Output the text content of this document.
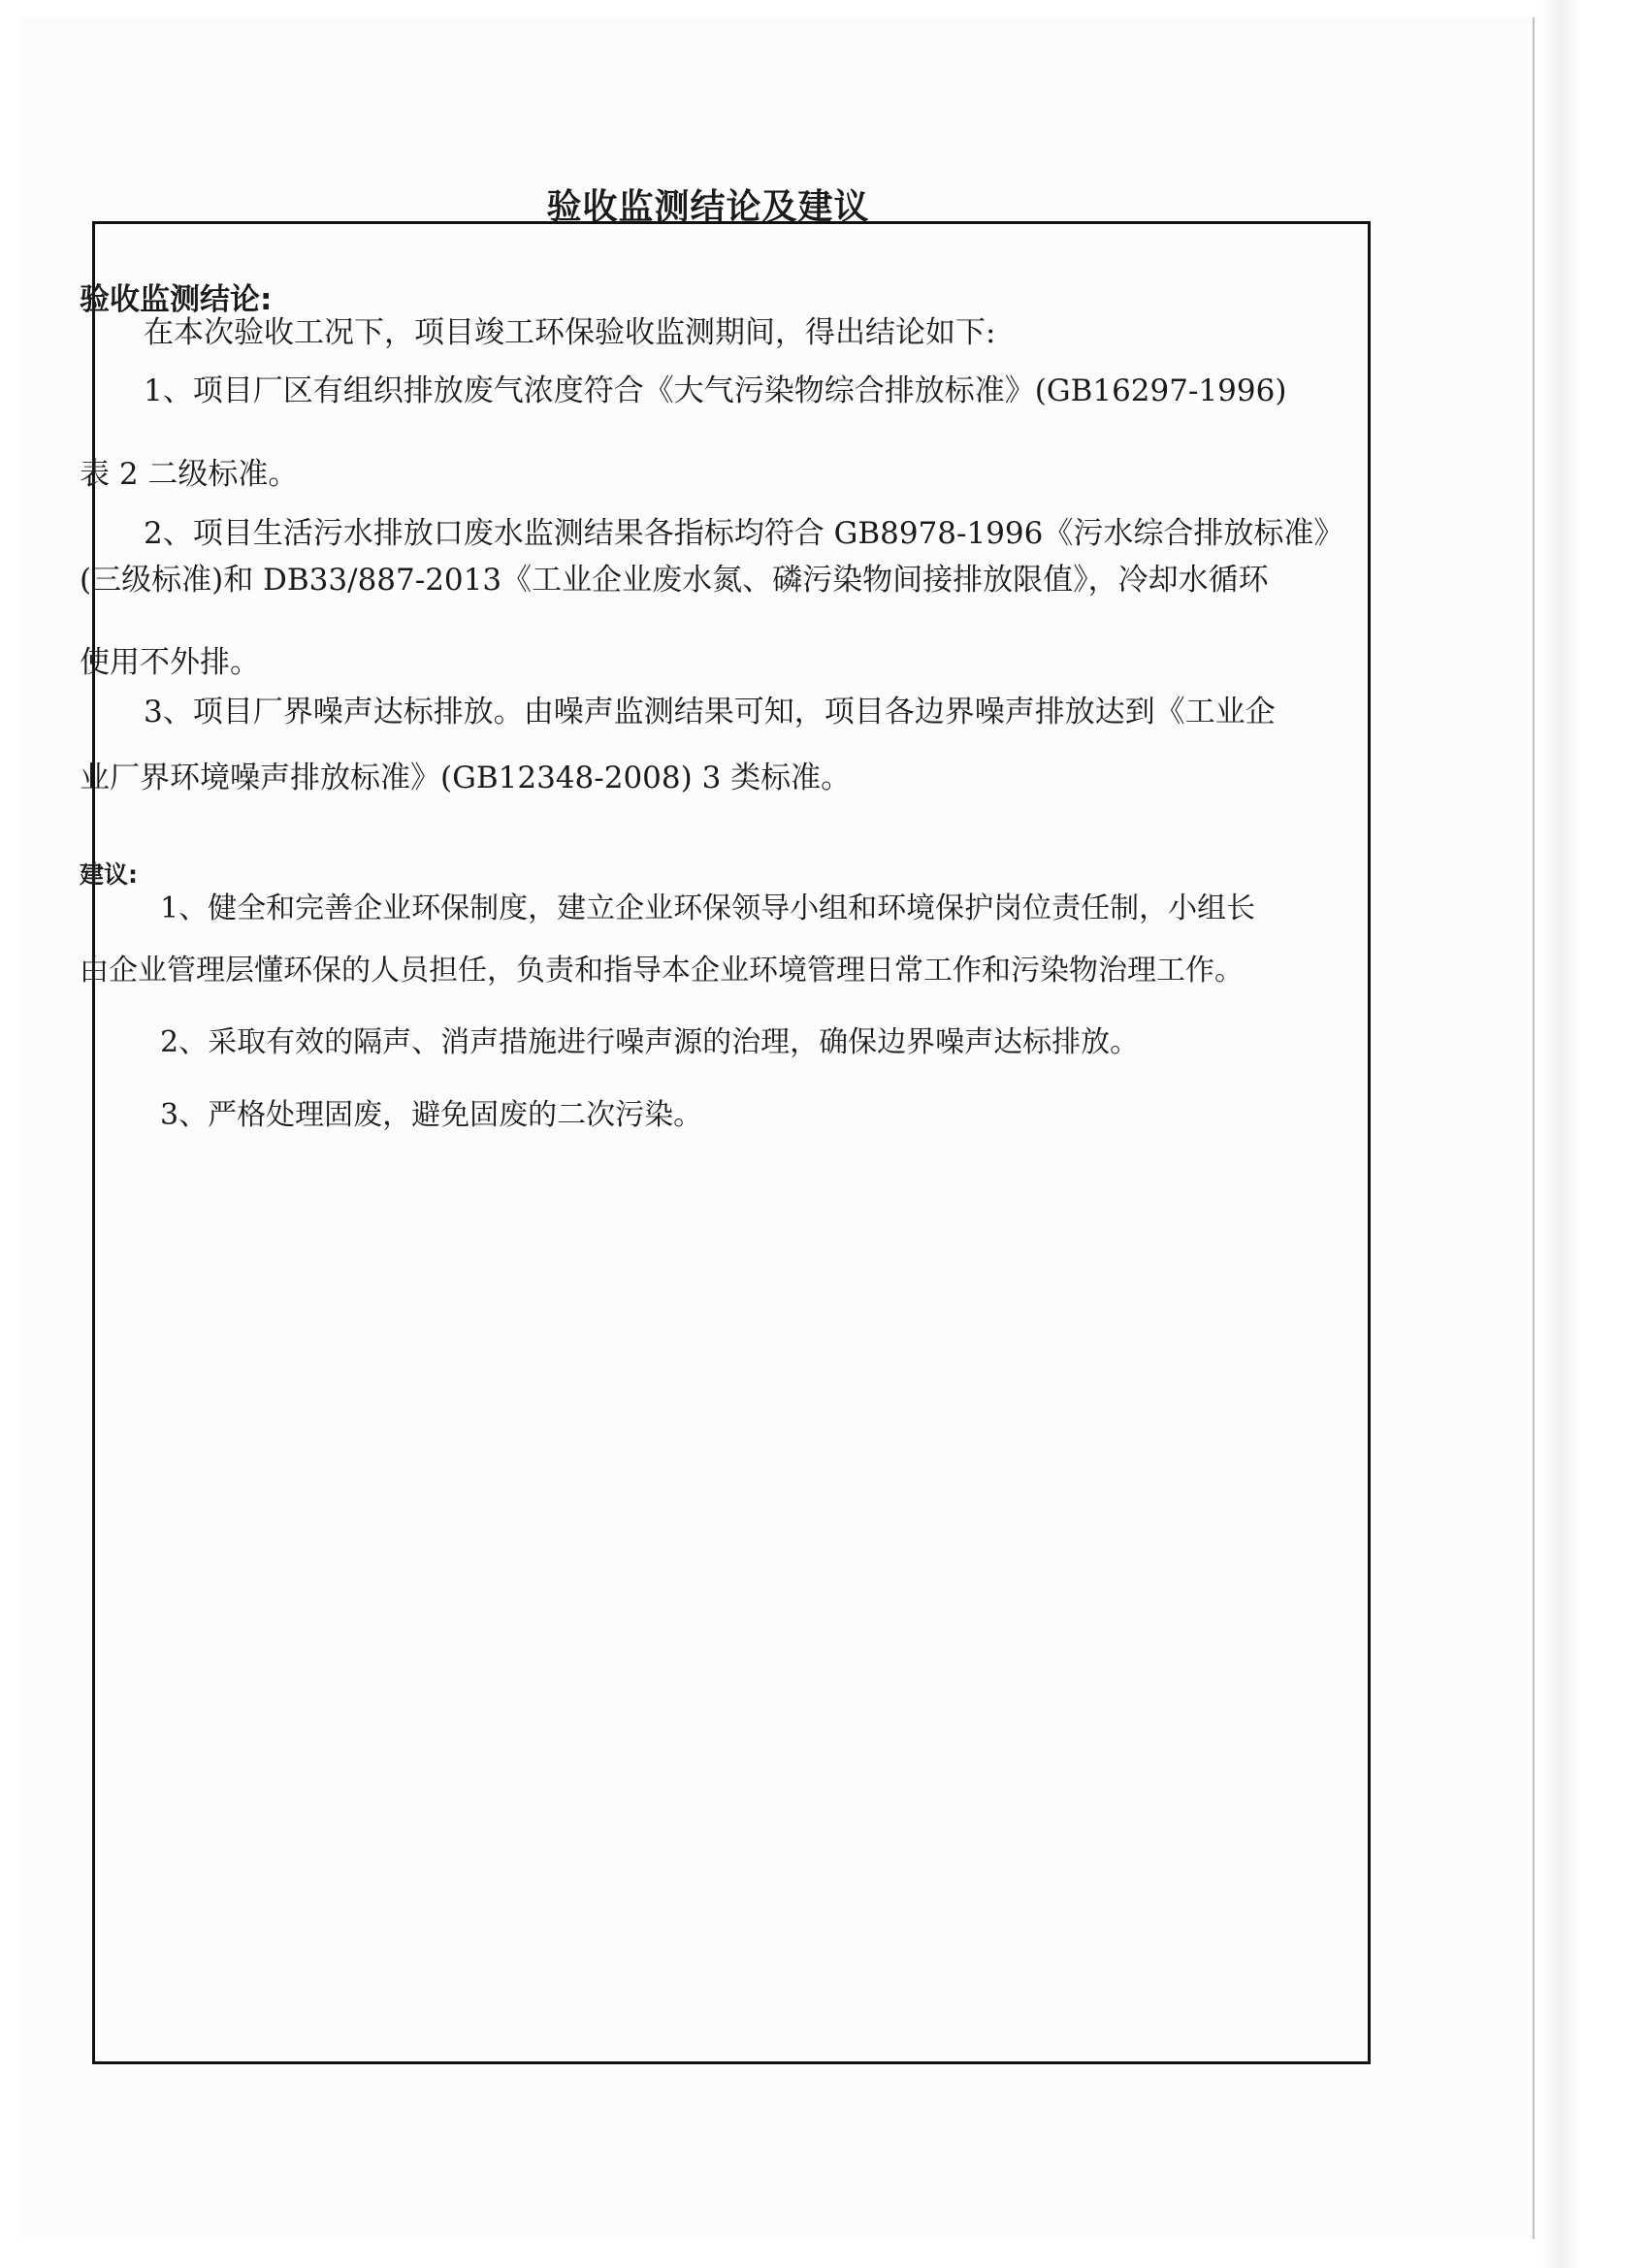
验收监测结论及建议
验收监测结论:

在本次验收工况下，项目竣工环保验收监测期间，得出结论如下:

1、项目厂区有组织排放废气浓度符合《大气污染物综合排放标准》(GB16297-1996)

表 2 二级标准。

2、项目生活污水排放口废水监测结果各指标均符合 GB8978-1996《污水综合排放标准》

(三级标准)和 DB33/887-2013《工业企业废水氮、磷污染物间接排放限值》，冷却水循环

使用不外排。

3、项目厂界噪声达标排放。由噪声监测结果可知，项目各边界噪声排放达到《工业企

业厂界环境噪声排放标准》(GB12348-2008) 3 类标准。

建议:

1、健全和完善企业环保制度，建立企业环保领导小组和环境保护岗位责任制，小组长

由企业管理层懂环保的人员担任，负责和指导本企业环境管理日常工作和污染物治理工作。

2、采取有效的隔声、消声措施进行噪声源的治理，确保边界噪声达标排放。

3、严格处理固废，避免固废的二次污染。
